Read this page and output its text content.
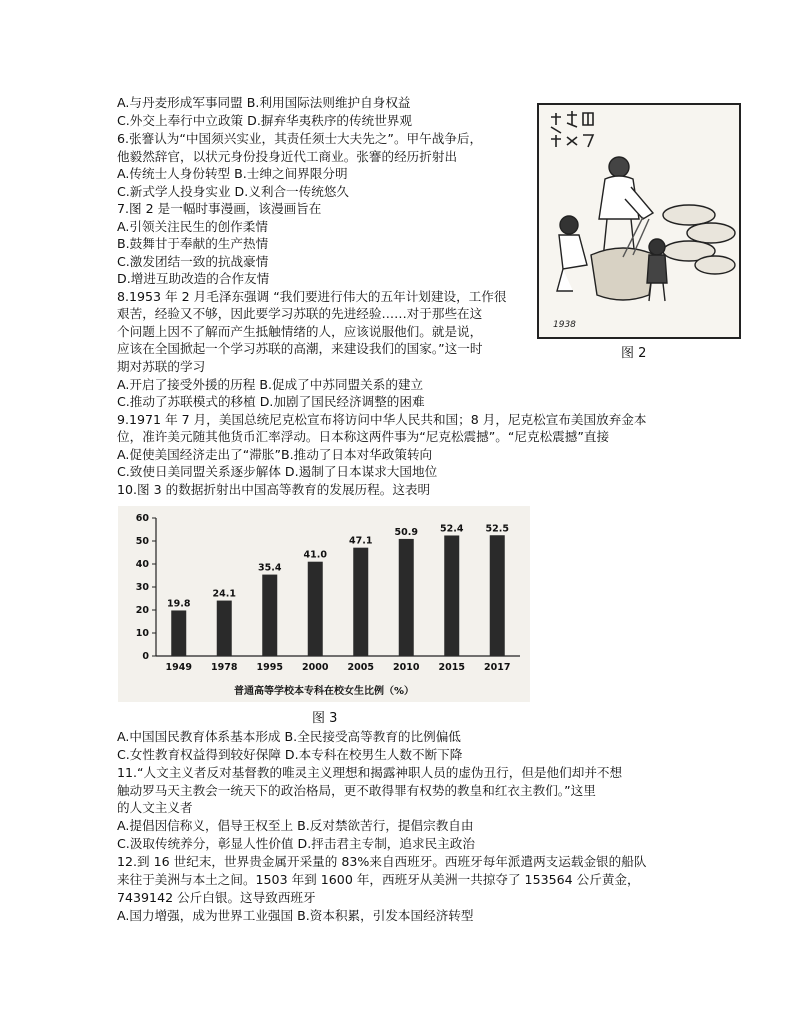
A.与丹麦形成军事同盟 B.利用国际法则维护自身权益
C.外交上奉行中立政策 D.摒弃华夷秩序的传统世界观
6.张謇认为“中国须兴实业，其责任须士大夫先之”。甲午战争后，
他毅然辞官，以状元身份投身近代工商业。张謇的经历折射出
A.传统士人身份转型 B.士绅之间界限分明
C.新式学人投身实业 D.义利合一传统悠久
7.图 2 是一幅时事漫画，该漫画旨在
A.引领关注民生的创作柔情
B.鼓舞甘于奉献的生产热情
C.激发团结一致的抗战豪情
D.增进互助改造的合作友情
8.1953 年 2 月毛泽东强调 “我们要进行伟大的五年计划建设，工作很
艰苦，经验又不够，因此要学习苏联的先进经验……对于那些在这
个问题上因不了解而产生抵触情绪的人，应该说服他们。就是说，
应该在全国掀起一个学习苏联的高潮，来建设我们的国家。”这一时
期对苏联的学习
A.开启了接受外援的历程 B.促成了中苏同盟关系的建立
C.推动了苏联模式的移植 D.加剧了国民经济调整的困难
9.1971 年 7 月，美国总统尼克松宣布将访问中华人民共和国；8 月，尼克松宣布美国放弃金本
位，准许美元随其他货币汇率浮动。日本称这两件事为“尼克松震撼”。“尼克松震撼”直接
A.促使美国经济走出了“滞胀”B.推动了日本对华政策转向
C.致使日美同盟关系逐步解体 D.遏制了日本谋求大国地位
10.图 3 的数据折射出中国高等教育的发展历程。这表明
A.中国国民教育体系基本形成 B.全民接受高等教育的比例偏低
C.女性教育权益得到较好保障 D.本专科在校男生人数不断下降
11.“人文主义者反对基督教的唯灵主义理想和揭露神职人员的虚伪丑行，但是他们却并不想
触动罗马天主教会一统天下的政治格局，更不敢得罪有权势的教皇和红衣主教们。”这里
的人文主义者
A.提倡因信称义，倡导王权至上 B.反对禁欲苦行，提倡宗教自由
C.汲取传统养分，彰显人性价值 D.抨击君主专制，追求民主政治
12.到 16 世纪末，世界贵金属开采量的 83%来自西班牙。西班牙每年派遣两支运载金银的船队
来往于美洲与本土之间。1503 年到 1600 年，西班牙从美洲一共掠夺了 153564 公斤黄金，
7439142 公斤白银。这导致西班牙
A.国力增强，成为世界工业强国 B.资本积累，引发本国经济转型
1938
图 2
0
10
20
30
40
50
60
19.8
24.1
35.4
41.0
47.1
50.9 52.4 52.5
1949 1978 1995 2000 2005 2010 2015 2017
普通高等学校本专科在校女生比例（%）
图 3
